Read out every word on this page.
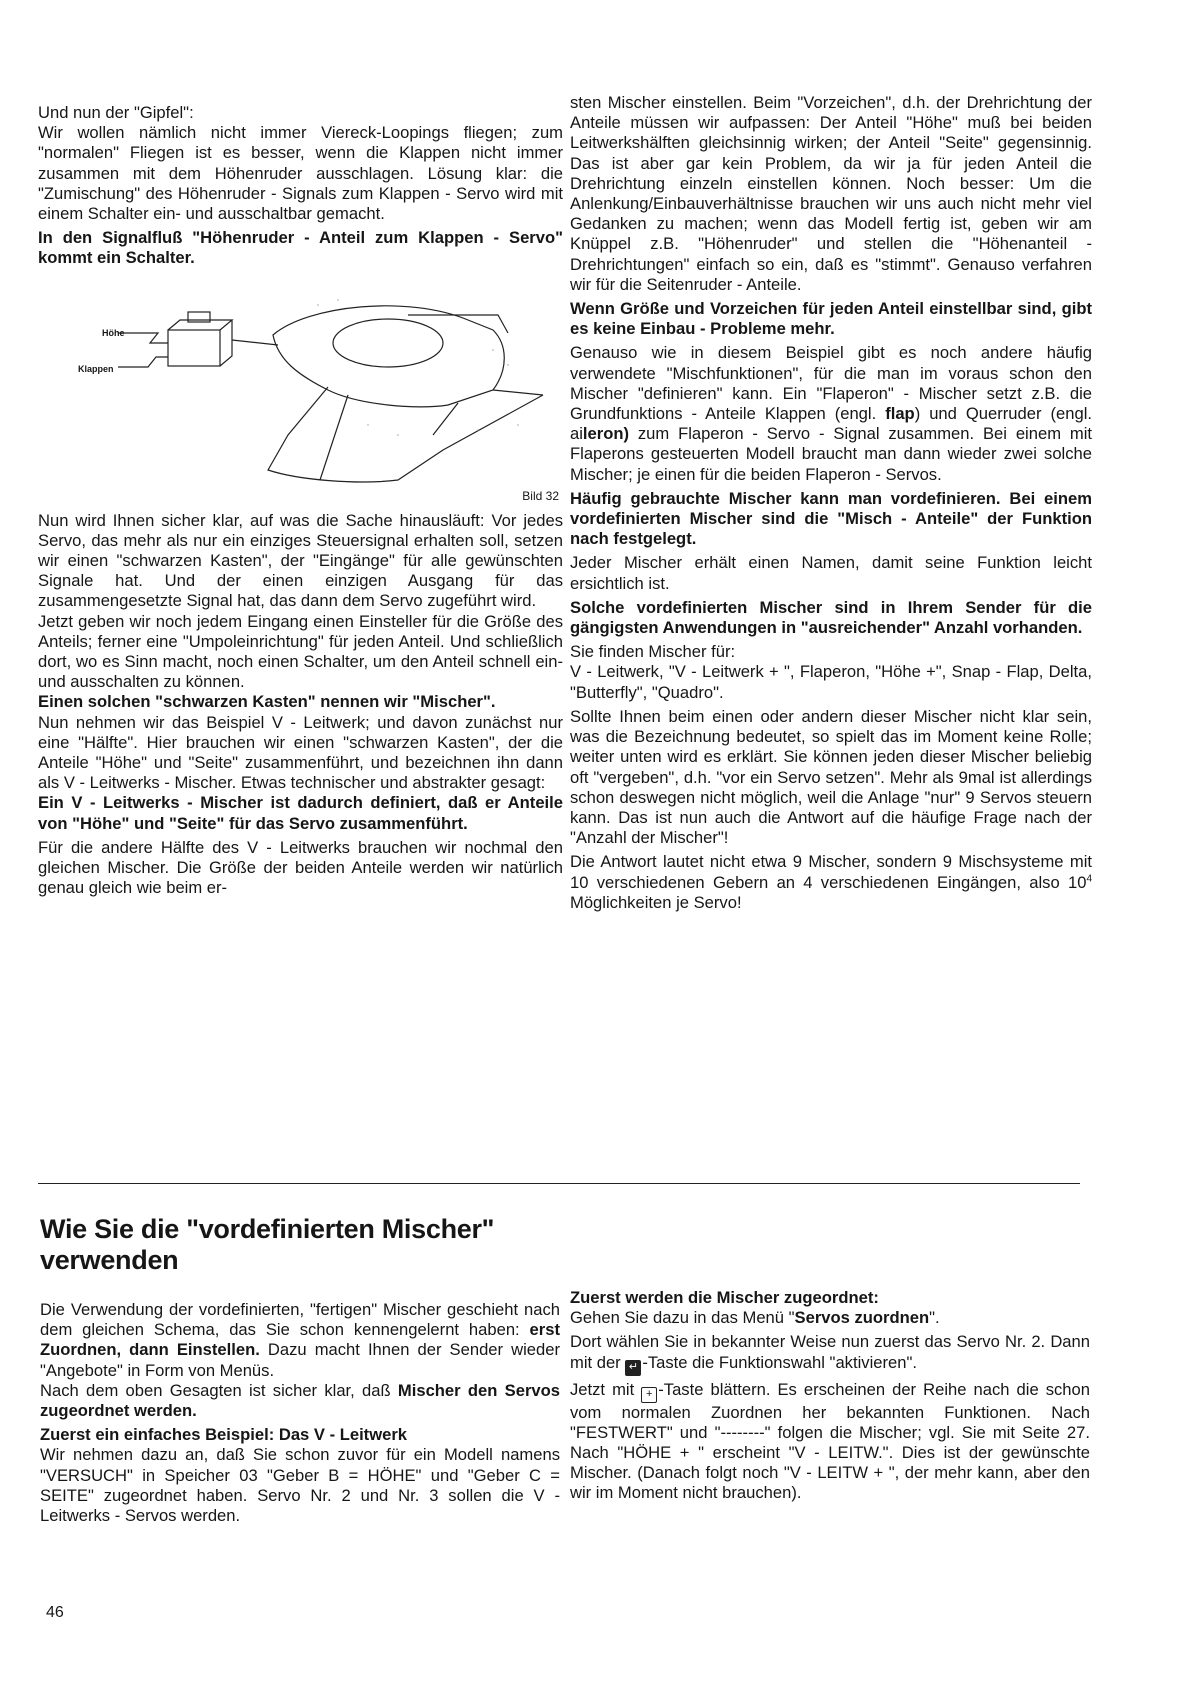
Und nun der "Gipfel":

Wir wollen nämlich nicht immer Viereck-Loopings fliegen; zum "normalen" Fliegen ist es besser, wenn die Klappen nicht immer zusammen mit dem Höhenruder ausschlagen. Lösung klar: die "Zumischung" des Höhenruder - Signals zum Klappen - Servo wird mit einem Schalter ein- und ausschaltbar gemacht.

In den Signalfluß "Höhenruder - Anteil zum Klappen - Servo" kommt ein Schalter.

Höhe
Klappen
Bild 32

Nun wird Ihnen sicher klar, auf was die Sache hinausläuft: Vor jedes Servo, das mehr als nur ein einziges Steuersignal erhalten soll, setzen wir einen "schwarzen Kasten", der "Eingänge" für alle gewünschten Signale hat. Und der einen einzigen Ausgang für das zusammengesetzte Signal hat, das dann dem Servo zugeführt wird.

Jetzt geben wir noch jedem Eingang einen Einsteller für die Größe des Anteils; ferner eine "Umpoleinrichtung" für jeden Anteil. Und schließlich dort, wo es Sinn macht, noch einen Schalter, um den Anteil schnell ein- und ausschalten zu können.

Einen solchen "schwarzen Kasten" nennen wir "Mischer".

Nun nehmen wir das Beispiel V - Leitwerk; und davon zunächst nur eine "Hälfte". Hier brauchen wir einen "schwarzen Kasten", der die Anteile "Höhe" und "Seite" zusammenführt, und bezeichnen ihn dann als V - Leitwerks - Mischer. Etwas technischer und abstrakter gesagt:

Ein V - Leitwerks - Mischer ist dadurch definiert, daß er Anteile von "Höhe" und "Seite" für das Servo zusammenführt.

Für die andere Hälfte des V - Leitwerks brauchen wir nochmal den gleichen Mischer. Die Größe der beiden Anteile werden wir natürlich genau gleich wie beim er-

sten Mischer einstellen. Beim "Vorzeichen", d.h. der Drehrichtung der Anteile müssen wir aufpassen: Der Anteil "Höhe" muß bei beiden Leitwerkshälften gleichsinnig wirken; der Anteil "Seite" gegensinnig. Das ist aber gar kein Problem, da wir ja für jeden Anteil die Drehrichtung einzeln einstellen können. Noch besser: Um die Anlenkung/Einbauverhältnisse brauchen wir uns auch nicht mehr viel Gedanken zu machen; wenn das Modell fertig ist, geben wir am Knüppel z.B. "Höhenruder" und stellen die "Höhenanteil - Drehrichtungen" einfach so ein, daß es "stimmt". Genauso verfahren wir für die Seitenruder - Anteile.

Wenn Größe und Vorzeichen für jeden Anteil einstellbar sind, gibt es keine Einbau - Probleme mehr.

Genauso wie in diesem Beispiel gibt es noch andere häufig verwendete "Mischfunktionen", für die man im voraus schon den Mischer "definieren" kann. Ein "Flaperon" - Mischer setzt z.B. die Grundfunktions - Anteile Klappen (engl. flap) und Querruder (engl. aileron) zum Flaperon - Servo - Signal zusammen. Bei einem mit Flaperons gesteuerten Modell braucht man dann wieder zwei solche Mischer; je einen für die beiden Flaperon - Servos.

Häufig gebrauchte Mischer kann man vordefinieren. Bei einem vordefinierten Mischer sind die "Misch - Anteile" der Funktion nach festgelegt.

Jeder Mischer erhält einen Namen, damit seine Funktion leicht ersichtlich ist.

Solche vordefinierten Mischer sind in Ihrem Sender für die gängigsten Anwendungen in "ausreichender" Anzahl vorhanden.

Sie finden Mischer für:

V - Leitwerk, "V - Leitwerk + ", Flaperon, "Höhe +", Snap - Flap, Delta, "Butterfly", "Quadro".

Sollte Ihnen beim einen oder andern dieser Mischer nicht klar sein, was die Bezeichnung bedeutet, so spielt das im Moment keine Rolle; weiter unten wird es erklärt. Sie können jeden dieser Mischer beliebig oft "vergeben", d.h. "vor ein Servo setzen". Mehr als 9mal ist allerdings schon deswegen nicht möglich, weil die Anlage "nur" 9 Servos steuern kann. Das ist nun auch die Antwort auf die häufige Frage nach der "Anzahl der Mischer"!

Die Antwort lautet nicht etwa 9 Mischer, sondern 9 Mischsysteme mit 10 verschiedenen Gebern an 4 verschiedenen Eingängen, also $10^4$ Möglichkeiten je Servo!

Wie Sie die "vordefinierten Mischer" verwenden

Die Verwendung der vordefinierten, "fertigen" Mischer geschieht nach dem gleichen Schema, das Sie schon kennengelernt haben: erst Zuordnen, dann Einstellen. Dazu macht Ihnen der Sender wieder "Angebote" in Form von Menüs.

Nach dem oben Gesagten ist sicher klar, daß Mischer den Servos zugeordnet werden.

Zuerst ein einfaches Beispiel: Das V - Leitwerk

Wir nehmen dazu an, daß Sie schon zuvor für ein Modell namens "VERSUCH" in Speicher 03 "Geber B = HÖHE" und "Geber C = SEITE" zugeordnet haben. Servo Nr. 2 und Nr. 3 sollen die V - Leitwerks - Servos werden.

Zuerst werden die Mischer zugeordnet:

Gehen Sie dazu in das Menü "Servos zuordnen".

Dort wählen Sie in bekannter Weise nun zuerst das Servo Nr. 2. Dann mit der ↵ -Taste die Funktionswahl "aktivieren".

Jetzt mit + -Taste blättern. Es erscheinen der Reihe nach die schon vom normalen Zuordnen her bekannten Funktionen. Nach "FESTWERT" und "--------" folgen die Mischer; vgl. Sie mit Seite 27. Nach "HÖHE + " erscheint "V - LEITW.". Dies ist der gewünschte Mischer. (Danach folgt noch "V - LEITW + ", der mehr kann, aber den wir im Moment nicht brauchen).

46
